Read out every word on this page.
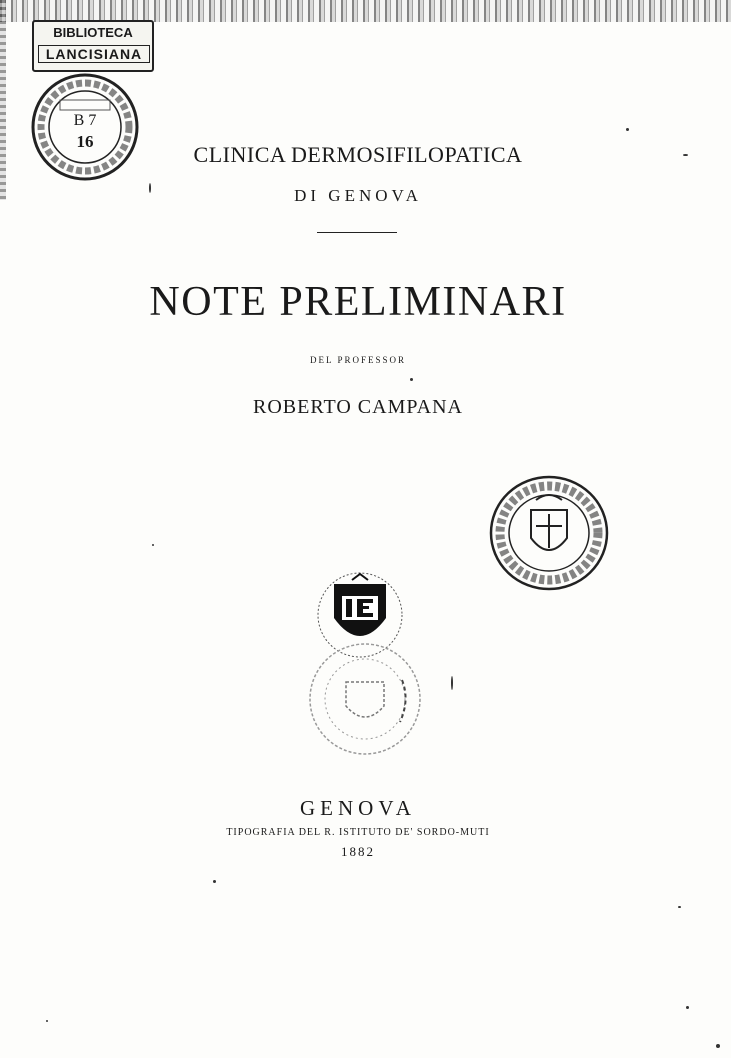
BIBLIOTECA
LANCISIANA
B 7
16
CLINICA DERMOSIFILOPATICA
DI GENOVA
NOTE PRELIMINARI
DEL PROFESSOR
ROBERTO CAMPANA
GENOVA
TIPOGRAFIA DEL R. ISTITUTO DE' SORDO-MUTI
1882
